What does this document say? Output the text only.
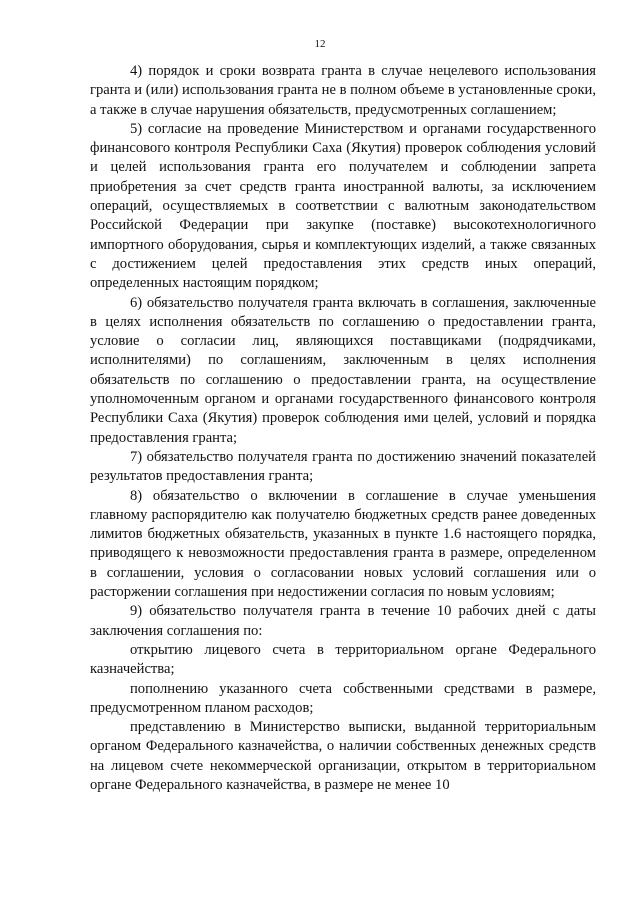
12

4) порядок и сроки возврата гранта в случае нецелевого использования гранта и (или) использования гранта не в полном объеме в установленные сроки, а также в случае нарушения обязательств, предусмотренных соглашением;

5) согласие на проведение Министерством и органами государственного финансового контроля Республики Саха (Якутия) проверок соблюдения условий и целей использования гранта его получателем и соблюдении запрета приобретения за счет средств гранта иностранной валюты, за исключением операций, осуществляемых в соответствии с валютным законодательством Российской Федерации при закупке (поставке) высокотехнологичного импортного оборудования, сырья и комплектующих изделий, а также связанных с достижением целей предоставления этих средств иных операций, определенных настоящим порядком;

6) обязательство получателя гранта включать в соглашения, заключенные в целях исполнения обязательств по соглашению о предоставлении гранта, условие о согласии лиц, являющихся поставщиками (подрядчиками, исполнителями) по соглашениям, заключенным в целях исполнения обязательств по соглашению о предоставлении гранта, на осуществление уполномоченным органом и органами государственного финансового контроля Республики Саха (Якутия) проверок соблюдения ими целей, условий и порядка предоставления гранта;

7) обязательство получателя гранта по достижению значений показателей результатов предоставления гранта;

8) обязательство о включении в соглашение в случае уменьшения главному распорядителю как получателю бюджетных средств ранее доведенных лимитов бюджетных обязательств, указанных в пункте 1.6 настоящего порядка, приводящего к невозможности предоставления гранта в размере, определенном в соглашении, условия о согласовании новых условий соглашения или о расторжении соглашения при недостижении согласия по новым условиям;

9) обязательство получателя гранта в течение 10 рабочих дней с даты заключения соглашения по:

открытию лицевого счета в территориальном органе Федерального казначейства;

пополнению указанного счета собственными средствами в размере, предусмотренном планом расходов;

представлению в Министерство выписки, выданной территориальным органом Федерального казначейства, о наличии собственных денежных средств на лицевом счете некоммерческой организации, открытом в территориальном органе Федерального казначейства, в размере не менее 10
